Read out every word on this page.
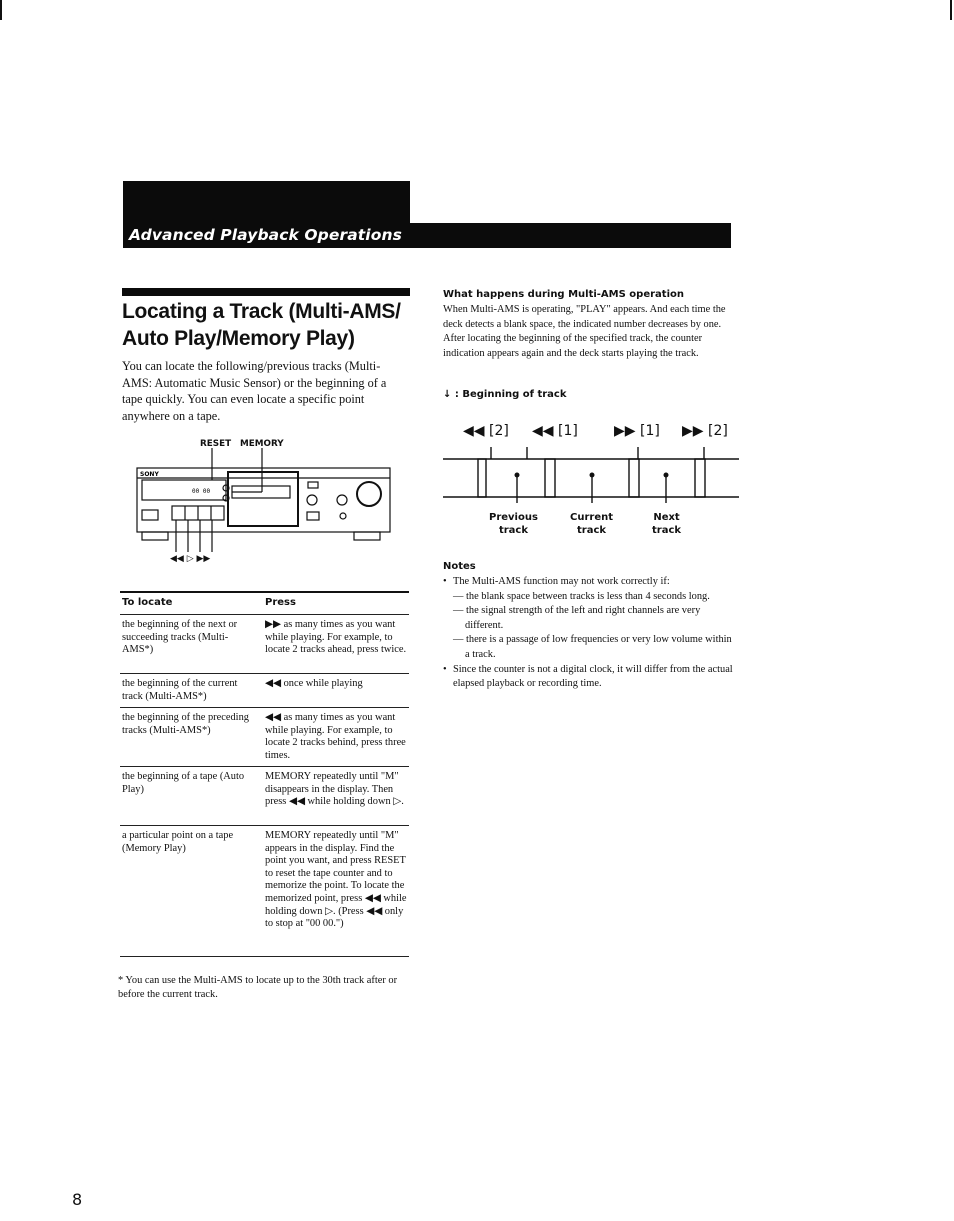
Advanced Playback Operations
Locating a Track (Multi-AMS/
Auto Play/Memory Play)
You can locate the following/previous tracks (Multi-AMS: Automatic Music Sensor) or the beginning of a tape quickly. You can even locate a specific point anywhere on a tape.
RESET MEMORY
SONY
00 00
◀◀ ▷ ▶▶
To locate	Press
the beginning of the next or succeeding tracks (Multi-AMS*)
▶▶ as many times as you want while playing. For example, to locate 2 tracks ahead, press twice.
the beginning of the current track (Multi-AMS*)
◀◀ once while playing
the beginning of the preceding tracks (Multi-AMS*)
◀◀ as many times as you want while playing. For example, to locate 2 tracks behind, press three times.
the beginning of a tape (Auto Play)
MEMORY repeatedly until "M" disappears in the display. Then press ◀◀ while holding down ▷.
a particular point on a tape (Memory Play)
MEMORY repeatedly until "M" appears in the display. Find the point you want, and press RESET to reset the tape counter and to memorize the point. To locate the memorized point, press ◀◀ while holding down ▷. (Press ◀◀ only to stop at "00 00.")
* You can use the Multi-AMS to locate up to the 30th track after or before the current track.
What happens during Multi-AMS operation
When Multi-AMS is operating, "PLAY" appears. And each time the deck detects a blank space, the indicated number decreases by one. After locating the beginning of the specified track, the counter indication appears again and the deck starts playing the track.
↓ : Beginning of track
◀◀ [2] ◀◀ [1]	▶▶ [1] ▶▶ [2]
Previous
track
Current
track
Next
track
Notes
• The Multi-AMS function may not work correctly if:
— the blank space between tracks is less than 4 seconds long.
— the signal strength of the left and right channels are very different.
— there is a passage of low frequencies or very low volume within a track.
• Since the counter is not a digital clock, it will differ from the actual elapsed playback or recording time.
8
